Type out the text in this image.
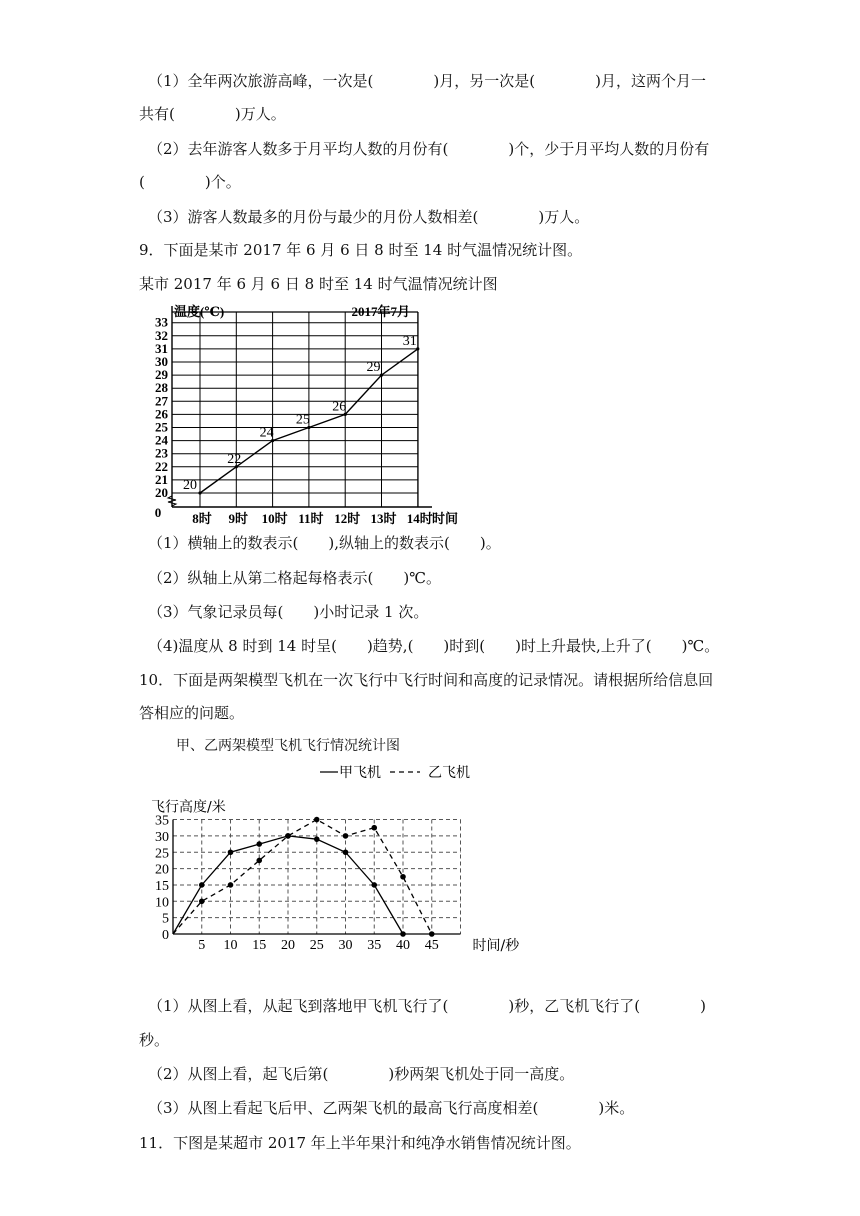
（1）全年两次旅游高峰，一次是(　　　　)月，另一次是(　　　　)月，这两个月一
共有(　　　　)万人。
（2）去年游客人数多于月平均人数的月份有(　　　　)个，少于月平均人数的月份有
(　　　　)个。
（3）游客人数最多的月份与最少的月份人数相差(　　　　)万人。
9．下面是某市 2017 年 6 月 6 日 8 时至 14 时气温情况统计图。
某市 2017 年 6 月 6 日 8 时至 14 时气温情况统计图
20
21
22
23
24
25
26
27
28
29
30
31
32
33
0 8时 9时 10时 11时 12时 13时 14时 时间
温度(℃)	2017年7月
20
22
24
25
26
29
31
（1）横轴上的数表示(　　),纵轴上的数表示(　　)。
（2）纵轴上从第二格起每格表示(　　)℃。
（3）气象记录员每(　　)小时记录 1 次。
（4)温度从 8 时到 14 时呈(　　)趋势,(　　)时到(　　)时上升最快,上升了(　　)℃。
10．下面是两架模型飞机在一次飞行中飞行时间和高度的记录情况。请根据所给信息回
答相应的问题。
甲、乙两架模型飞机飞行情况统计图
0
5
10
15
20
25
30
35
5 10 15 20 25 30 35 40 45
飞行高度/米
时间/秒
甲飞机	乙飞机
（1）从图上看，从起飞到落地甲飞机飞行了(　　　　)秒，乙飞机飞行了(　　　　)
秒。
（2）从图上看，起飞后第(　　　　)秒两架飞机处于同一高度。
（3）从图上看起飞后甲、乙两架飞机的最高飞行高度相差(　　　　)米。
11．下图是某超市 2017 年上半年果汁和纯净水销售情况统计图。
